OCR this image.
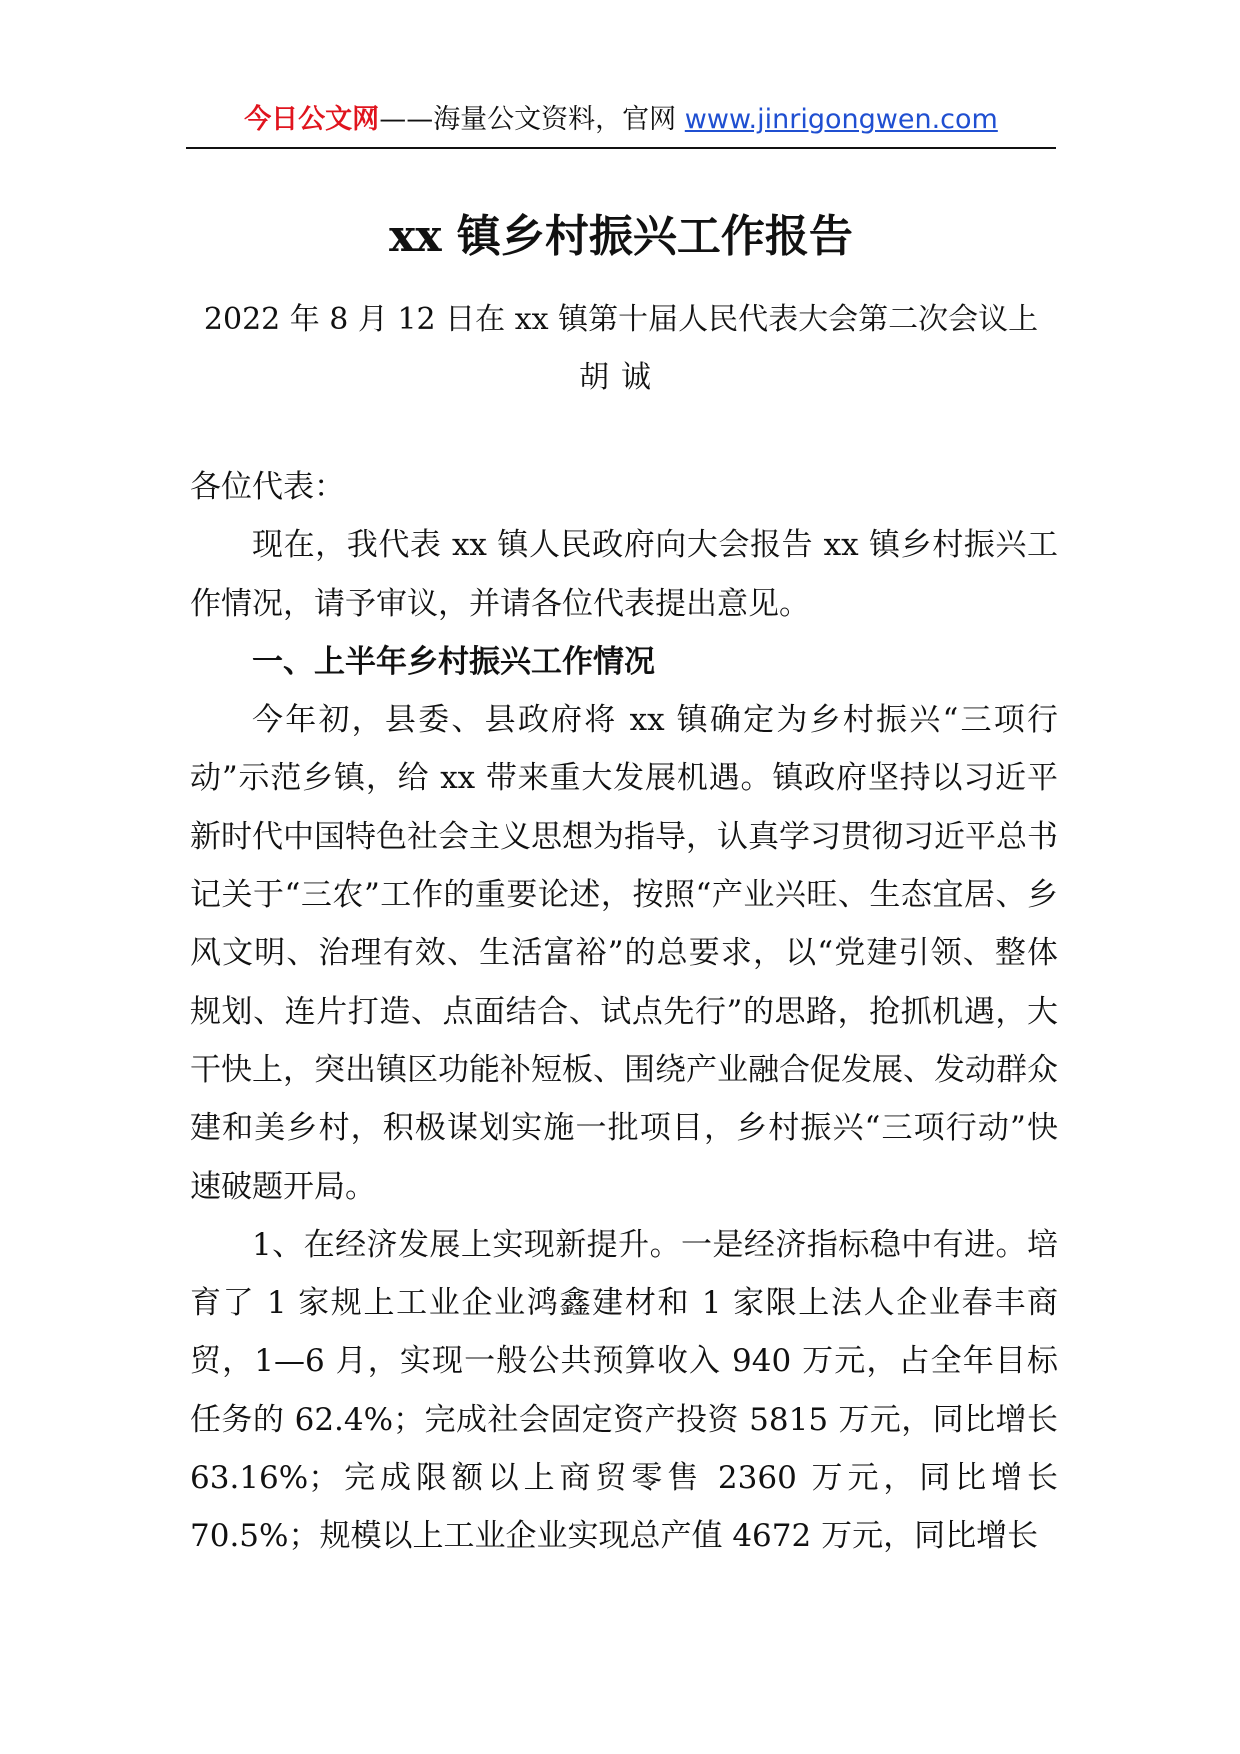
今日公文网——海量公文资料，官网 www.jinrigongwen.com
xx 镇乡村振兴工作报告
2022 年 8 月 12 日在 xx 镇第十届人民代表大会第二次会议上
胡诚

各位代表：

现在，我代表 xx 镇人民政府向大会报告 xx 镇乡村振兴工作情况，请予审议，并请各位代表提出意见。

一、上半年乡村振兴工作情况

今年初，县委、县政府将 xx 镇确定为乡村振兴“三项行动”示范乡镇，给 xx 带来重大发展机遇。镇政府坚持以习近平新时代中国特色社会主义思想为指导，认真学习贯彻习近平总书记关于“三农”工作的重要论述，按照“产业兴旺、生态宜居、乡风文明、治理有效、生活富裕”的总要求，以“党建引领、整体规划、连片打造、点面结合、试点先行”的思路，抢抓机遇，大干快上，突出镇区功能补短板、围绕产业融合促发展、发动群众建和美乡村，积极谋划实施一批项目，乡村振兴“三项行动”快速破题开局。

1、在经济发展上实现新提升。一是经济指标稳中有进。培育了 1 家规上工业企业鸿鑫建材和 1 家限上法人企业春丰商贸，1—6 月，实现一般公共预算收入 940 万元，占全年目标任务的 62.4%；完成社会固定资产投资 5815 万元，同比增长 63.16%；完成限额以上商贸零售 2360 万元，同比增长 70.5%；规模以上工业企业实现总产值 4672 万元，同比增长
